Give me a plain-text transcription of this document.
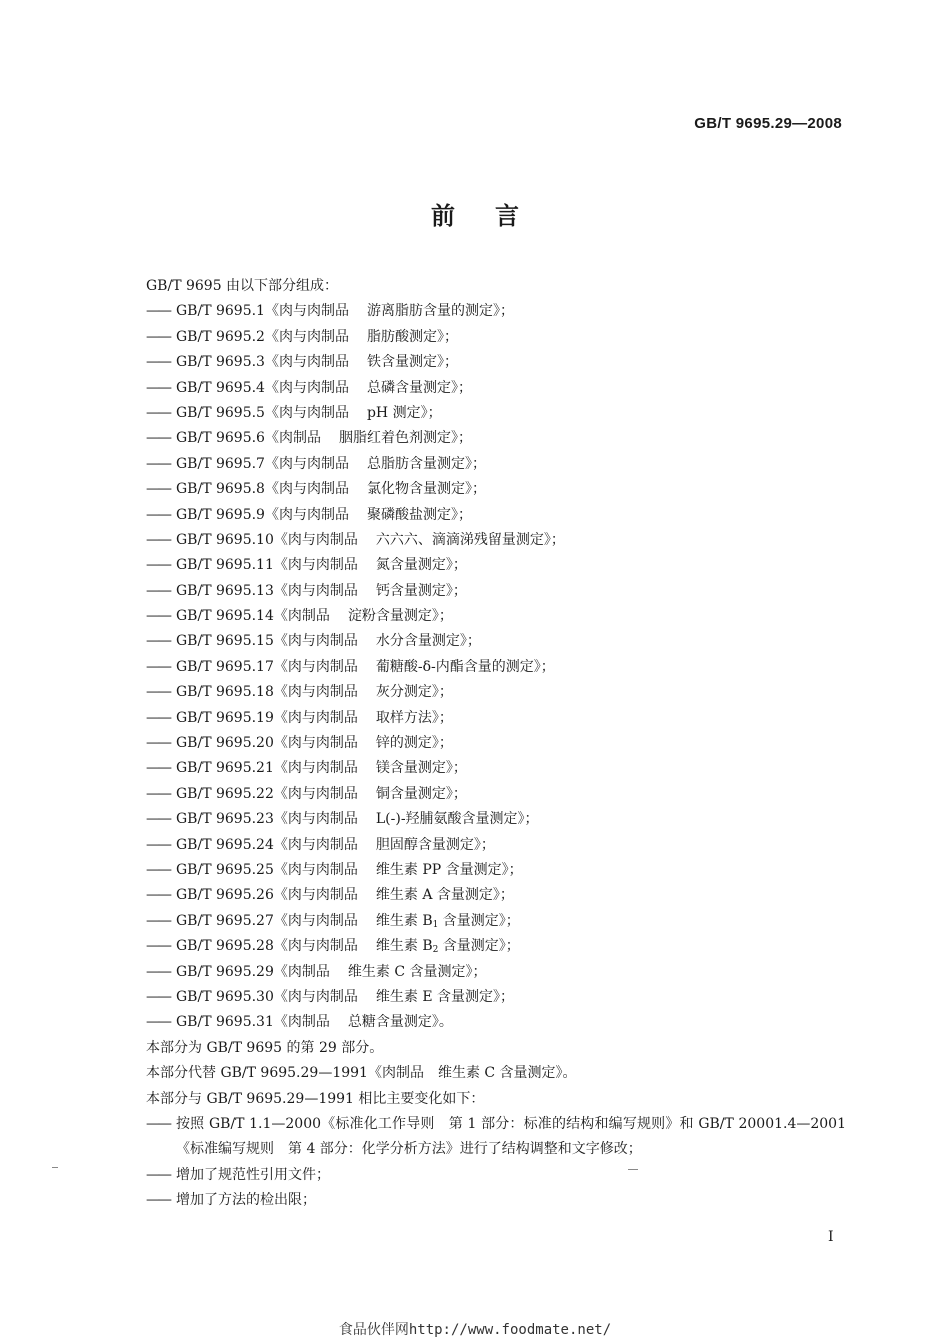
GB/T 9695.29—2008
前言
GB/T 9695 由以下部分组成：
—— GB/T 9695.1《肉与肉制品 游离脂肪含量的测定》；
—— GB/T 9695.2《肉与肉制品 脂肪酸测定》；
—— GB/T 9695.3《肉与肉制品 铁含量测定》；
—— GB/T 9695.4《肉与肉制品 总磷含量测定》；
—— GB/T 9695.5《肉与肉制品 pH 测定》；
—— GB/T 9695.6《肉制品 胭脂红着色剂测定》；
—— GB/T 9695.7《肉与肉制品 总脂肪含量测定》；
—— GB/T 9695.8《肉与肉制品 氯化物含量测定》；
—— GB/T 9695.9《肉与肉制品 聚磷酸盐测定》；
—— GB/T 9695.10《肉与肉制品 六六六、滴滴涕残留量测定》；
—— GB/T 9695.11《肉与肉制品 氮含量测定》；
—— GB/T 9695.13《肉与肉制品 钙含量测定》；
—— GB/T 9695.14《肉制品 淀粉含量测定》；
—— GB/T 9695.15《肉与肉制品 水分含量测定》；
—— GB/T 9695.17《肉与肉制品 葡糖酸-δ-内酯含量的测定》；
—— GB/T 9695.18《肉与肉制品 灰分测定》；
—— GB/T 9695.19《肉与肉制品 取样方法》；
—— GB/T 9695.20《肉与肉制品 锌的测定》；
—— GB/T 9695.21《肉与肉制品 镁含量测定》；
—— GB/T 9695.22《肉与肉制品 铜含量测定》；
—— GB/T 9695.23《肉与肉制品 L(-)-羟脯氨酸含量测定》；
—— GB/T 9695.24《肉与肉制品 胆固醇含量测定》；
—— GB/T 9695.25《肉与肉制品 维生素 PP 含量测定》；
—— GB/T 9695.26《肉与肉制品 维生素 A 含量测定》；
—— GB/T 9695.27《肉与肉制品 维生素 $B_1$ 含量测定》；
—— GB/T 9695.28《肉与肉制品 维生素 $B_2$ 含量测定》；
—— GB/T 9695.29《肉制品 维生素 C 含量测定》；
—— GB/T 9695.30《肉与肉制品 维生素 E 含量测定》；
—— GB/T 9695.31《肉制品 总糖含量测定》。
本部分为 GB/T 9695 的第 29 部分。
本部分代替 GB/T 9695.29—1991《肉制品　维生素 C 含量测定》。
本部分与 GB/T 9695.29—1991 相比主要变化如下：
—— 按照 GB/T 1.1—2000《标准化工作导则　第 1 部分：标准的结构和编写规则》和 GB/T 20001.4—2001《标准编写规则　第 4 部分：化学分析方法》进行了结构调整和文字修改；
—— 增加了规范性引用文件；
—— 增加了方法的检出限；
I
食品伙伴网http://www.foodmate.net/
